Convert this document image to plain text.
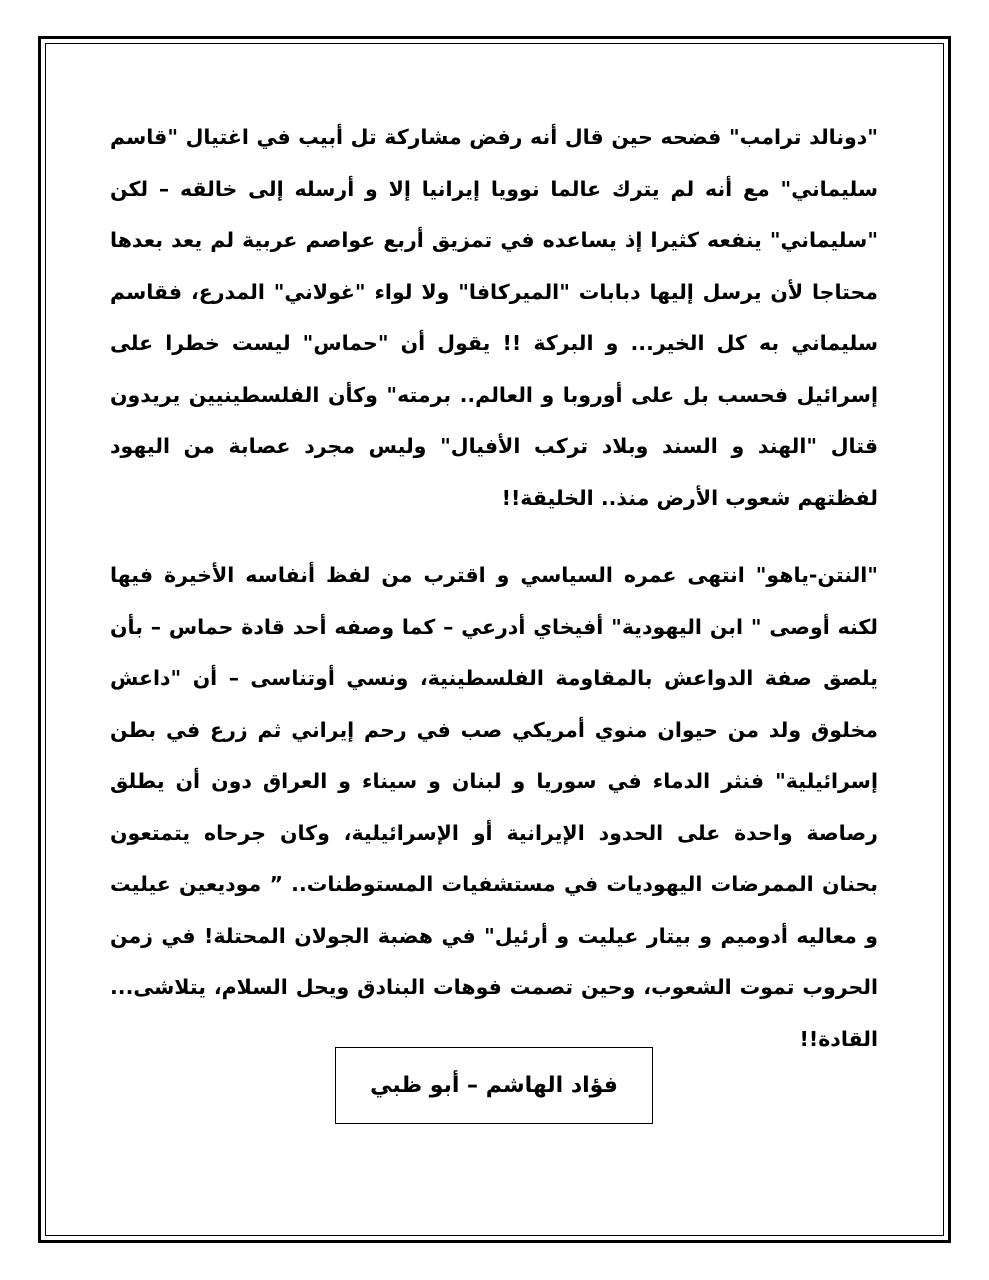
"دونالد ترامب" فضحه حين قال أنه رفض مشاركة تل أبيب في اغتيال "قاسم سليماني" مع أنه لم يترك عالما نوويا إيرانيا إلا و أرسله إلى خالقه – لكن "سليماني" ينفعه كثيرا إذ يساعده في تمزيق أربع عواصم عربية لم يعد بعدها محتاجا لأن يرسل إليها دبابات "الميركافا" ولا لواء "غولاني" المدرع، فقاسم سليماني به كل الخير... و البركة !! يقول أن "حماس" ليست خطرا على إسرائيل فحسب بل على أوروبا و العالم.. برمته" وكأن الفلسطينيين يريدون قتال "الهند و السند وبلاد تركب الأفيال" وليس مجرد عصابة من اليهود لفظتهم شعوب الأرض منذ.. الخليقة!!

"النتن-ياهو" انتهى عمره السياسي و اقترب من لفظ أنفاسه الأخيرة فيها لكنه أوصى " ابن اليهودية" أفيخاي أدرعي – كما وصفه أحد قادة حماس – بأن يلصق صفة الدواعش بالمقاومة الفلسطينية، ونسي أوتناسى – أن "داعش مخلوق ولد من حيوان منوي أمريكي صب في رحم إيراني ثم زرع في بطن إسرائيلية" فنثر الدماء في سوريا و لبنان و سيناء و العراق دون أن يطلق رصاصة واحدة على الحدود الإيرانية أو الإسرائيلية، وكان جرحاه يتمتعون بحنان الممرضات اليهوديات في مستشفيات المستوطنات.. ” موديعين عيليت و معاليه أدوميم و بيتار عيليت و أرئيل" في هضبة الجولان المحتلة! في زمن الحروب تموت الشعوب، وحين تصمت فوهات البنادق ويحل السلام، يتلاشى... القادة!!

فؤاد الهاشم – أبو ظبي
